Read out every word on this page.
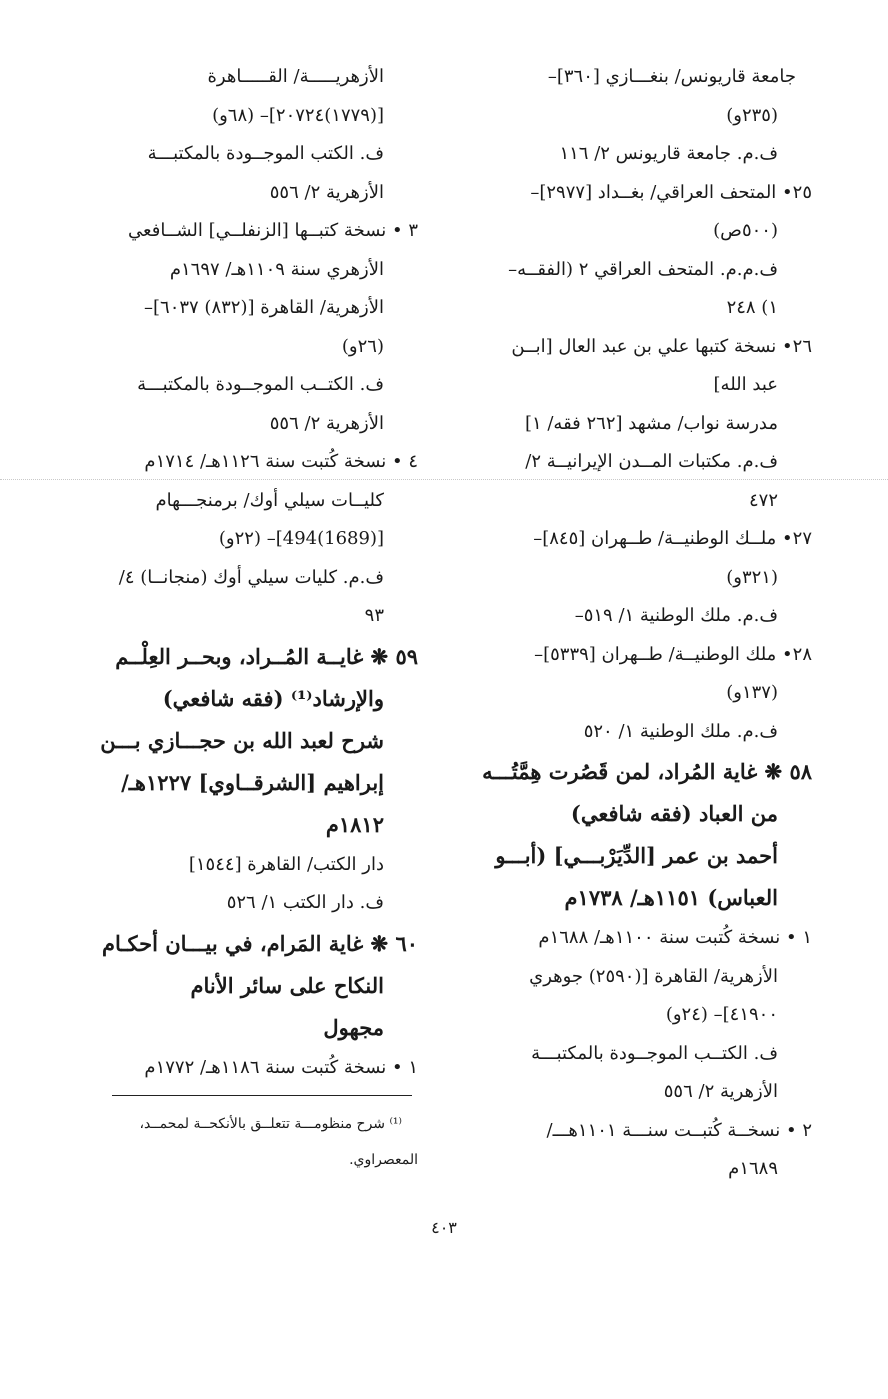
جامعة قاريونس/ بنغـــازي [٣٦٠]–
(٢٣٥و)
ف.م. جامعة قاريونس ٢/ ١١٦
٢٥• المتحف العراقي/ بغــداد [٢٩٧٧]–
(٥٠٠ص)
ف.م.م. المتحف العراقي ٢ (الفقــه–
١) ٢٤٨
٢٦• نسخة كتبها علي بن عبد العال [ابــن
عبد الله]
مدرسة نواب/ مشهد [٢٦٢ فقه/ ١]
ف.م. مكتبات المــدن الإيرانيــة ٢/
٤٧٢
٢٧• ملــك الوطنيــة/ طــهران [٨٤٥]–
(٣٢١و)
ف.م. ملك الوطنية ١/ ٥١٩–
٢٨• ملك الوطنيــة/ طــهران [٥٣٣٩]–
(١٣٧و)
ف.م. ملك الوطنية ١/ ٥٢٠
٥٨ ❋ غاية المُراد، لمن قَصُرت هِمَّتُـــه
من العباد (فقه شافعي)
أحمد بن عمر [الدِّيَرْبـــي] (أبـــو
العباس) ١١٥١هـ/ ١٧٣٨م
١ • نسخة كُتبت سنة ١١٠٠هـ/ ١٦٨٨م
الأزهرية/ القاهرة [(٢٥٩٠) جوهري
٤١٩٠٠]– (٢٤و)
ف. الكتــب الموجــودة بالمكتبـــة
الأزهرية ٢/ ٥٥٦
٢ • نسخــة كُتبــت سنـــة ١١٠١هـــ/
١٦٨٩م
الأزهريـــــة/ القـــــاهرة
[(١٧٧٩)٢٠٧٢٤]– (٦٨و)
ف. الكتب الموجــودة بالمكتبـــة
الأزهرية ٢/ ٥٥٦
٣ • نسخة كتبــها [الزنفلــي] الشــافعي
الأزهري سنة ١١٠٩هـ/ ١٦٩٧م
الأزهرية/ القاهرة [(٨٣٢) ٦٠٣٧]–
(٢٦و)
ف. الكتــب الموجــودة بالمكتبـــة
الأزهرية ٢/ ٥٥٦
٤ • نسخة كُتبت سنة ١١٢٦هـ/ ١٧١٤م
كليــات سيلي أوك/ برمنجـــهام
[(1689)494]– (٢٢و)
ف.م. كليات سيلي أوك (منجانــا) ٤/
٩٣
٥٩ ❋ غايــة المُــراد، وبحــر العِلْــم
والإرشاد⁽¹⁾ (فقه شافعي)
شرح لعبد الله بن حجـــازي بـــن
إبراهيم [الشرقــاوي] ١٢٢٧هـ/
١٨١٢م
دار الكتب/ القاهرة [١٥٤٤]
ف. دار الكتب ١/ ٥٢٦
٦٠ ❋ غاية المَرام، في بيـــان أحكـام
النكاح على سائر الأنام
مجهول
١ • نسخة كُتبت سنة ١١٨٦هـ/ ١٧٧٢م
⁽¹⁾ شرح منظومـــة تتعلــق بالأنكحــة لمحمــد،
المعصراوي.
٤٠٣
